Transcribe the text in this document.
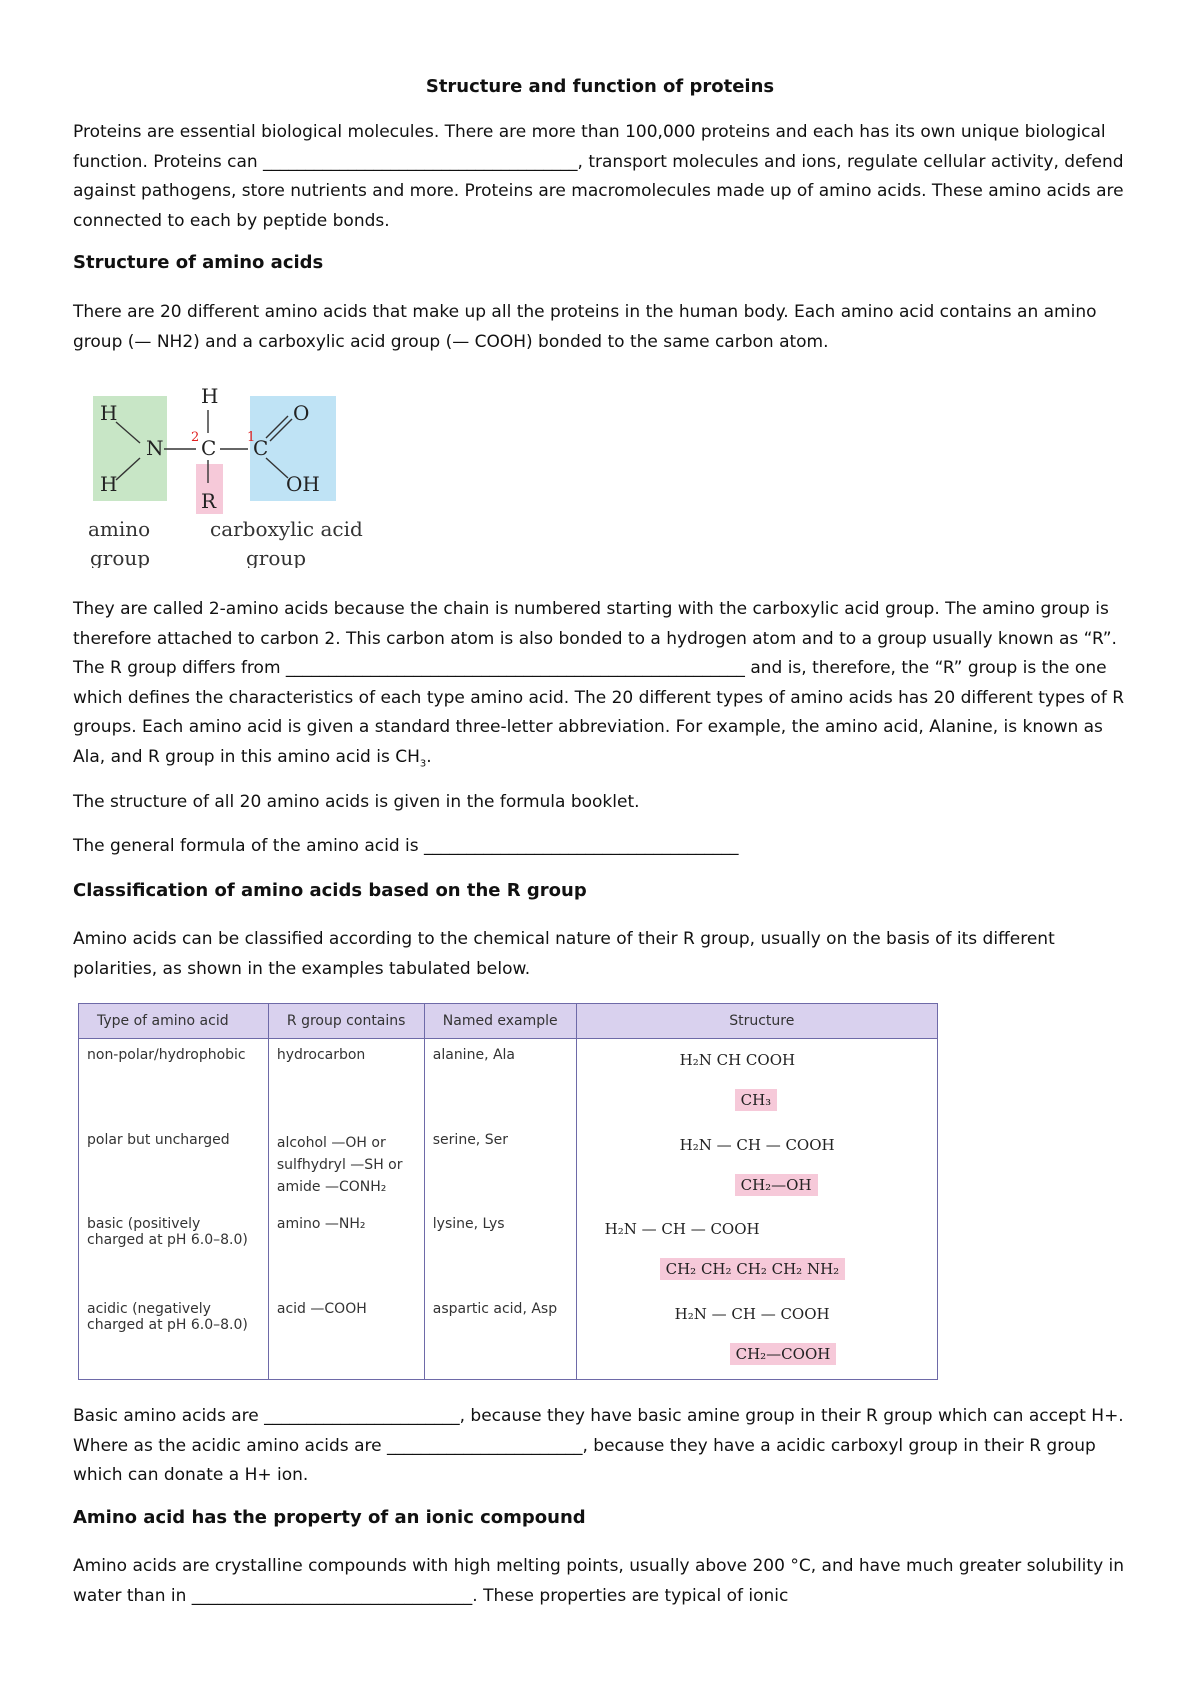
Structure and function of proteins

Proteins are essential biological molecules. There are more than 100,000 proteins and each has its own unique biological function. Proteins can _____________________________________, transport molecules and ions, regulate cellular activity, defend against pathogens, store nutrients and more. Proteins are macromolecules made up of amino acids. These amino acids are connected to each by peptide bonds.

Structure of amino acids

There are 20 different amino acids that make up all the proteins in the human body. Each amino acid contains an amino group (— NH2) and a carboxylic acid group (— COOH) bonded to the same carbon atom.

H
H
N
H
C C
O
OH
R
2	1
amino
group
carboxylic acid
group

They are called 2-amino acids because the chain is numbered starting with the carboxylic acid group. The amino group is therefore attached to carbon 2. This carbon atom is also bonded to a hydrogen atom and to a group usually known as “R”. The R group differs from ______________________________________________________ and is, therefore, the “R” group is the one which defines the characteristics of each type amino acid. The 20 different types of amino acids has 20 different types of R groups. Each amino acid is given a standard three-letter abbreviation. For example, the amino acid, Alanine, is known as Ala, and R group in this amino acid is $CH_3$.

The structure of all 20 amino acids is given in the formula booklet.

The general formula of the amino acid is _____________________________________

Classification of amino acids based on the R group

Amino acids can be classified according to the chemical nature of their R group, usually on the basis of its different polarities, as shown in the examples tabulated below.

Type of amino acid	R group contains	Named example	Structure
non-polar/hydrophobic	hydrocarbon	alanine, Ala	H₂N CH COOH
CH₃

polar but uncharged	alcohol —OH or sulfhydryl —SH or amide —CONH₂	serine, Ser	H₂N — CH — COOH
CH₂—OH

basic (positively charged at pH 6.0–8.0)	amino —NH₂	lysine, Lys	H₂N — CH — COOH
CH₂ CH₂ CH₂ CH₂ NH₂

acidic (negatively charged at pH 6.0–8.0)	acid —COOH	aspartic acid, Asp	H₂N — CH — COOH
CH₂—COOH

Basic amino acids are _______________________, because they have basic amine group in their R group which can accept H+. Where as the acidic amino acids are _______________________, because they have a acidic carboxyl group in their R group which can donate a H+ ion.

Amino acid has the property of an ionic compound

Amino acids are crystalline compounds with high melting points, usually above 200 °C, and have much greater solubility in water than in _________________________________. These properties are typical of ionic
